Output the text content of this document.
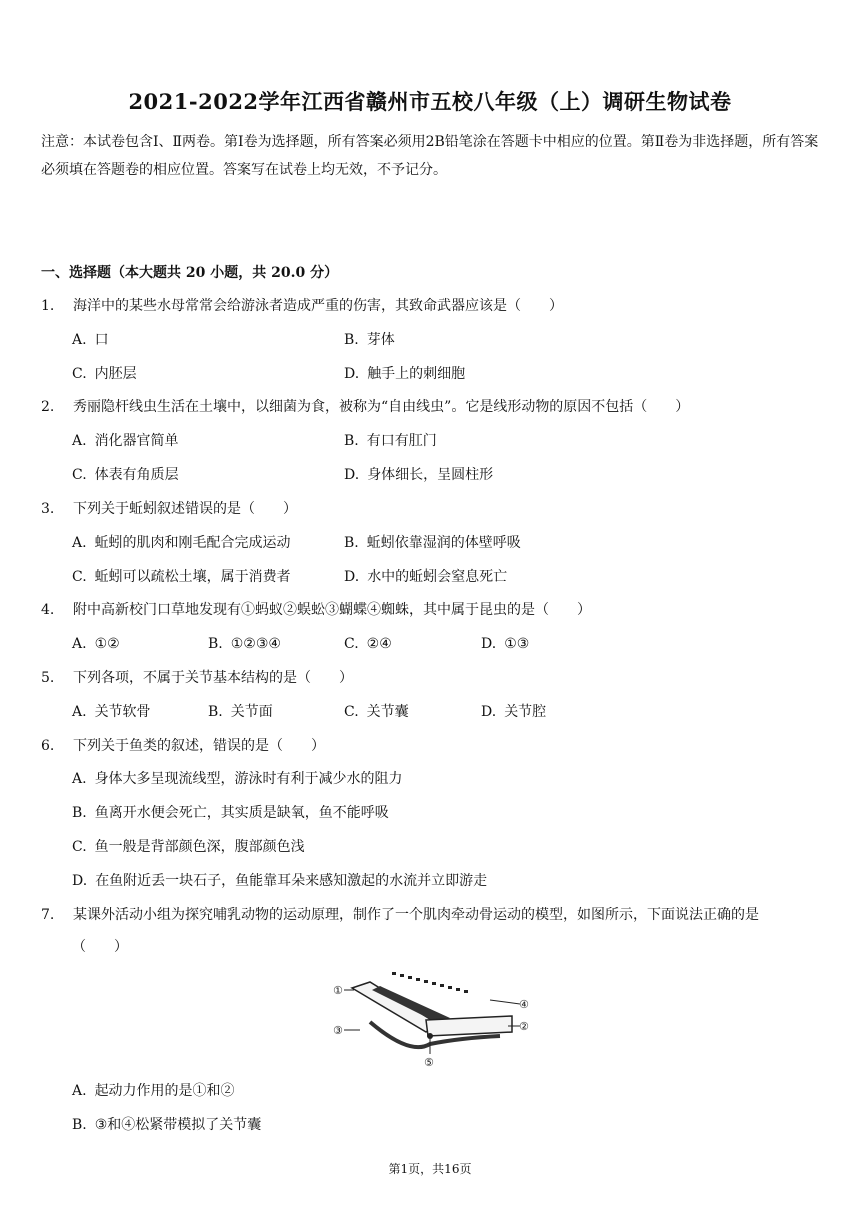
2021-2022学年江西省赣州市五校八年级（上）调研生物试卷
注意：本试卷包含Ⅰ、Ⅱ两卷。第Ⅰ卷为选择题，所有答案必须用2B铅笔涂在答题卡中相应的位置。第Ⅱ卷为非选择题，所有答案必须填在答题卷的相应位置。答案写在试卷上均无效，不予记分。
一、选择题（本大题共 20 小题，共 20.0 分）
1. 海洋中的某些水母常常会给游泳者造成严重的伤害，其致命武器应该是（　　）
A. 口	B. 芽体
C. 内胚层	D. 触手上的刺细胞
2. 秀丽隐杆线虫生活在土壤中，以细菌为食，被称为“自由线虫”。它是线形动物的原因不包括（　　）
A. 消化器官简单	B. 有口有肛门
C. 体表有角质层	D. 身体细长，呈圆柱形
3. 下列关于蚯蚓叙述错误的是（　　）
A. 蚯蚓的肌肉和刚毛配合完成运动	B. 蚯蚓依靠湿润的体壁呼吸
C. 蚯蚓可以疏松土壤，属于消费者	D. 水中的蚯蚓会窒息死亡
4. 附中高新校门口草地发现有①蚂蚁②蜈蚣③蝴蝶④蜘蛛，其中属于昆虫的是（　　）
A. ①②	B. ①②③④	C. ②④	D. ①③
5. 下列各项，不属于关节基本结构的是（　　）
A. 关节软骨	B. 关节面	C. 关节囊	D. 关节腔
6. 下列关于鱼类的叙述，错误的是（　　）
A. 身体大多呈现流线型，游泳时有利于减少水的阻力
B. 鱼离开水便会死亡，其实质是缺氧，鱼不能呼吸
C. 鱼一般是背部颜色深，腹部颜色浅
D. 在鱼附近丢一块石子，鱼能靠耳朵来感知激起的水流并立即游走
7. 某课外活动小组为探究哺乳动物的运动原理，制作了一个肌肉牵动骨运动的模型，如图所示，下面说法正确的是
（　　）
①
④
②
③
⑤
A. 起动力作用的是①和②
B. ③和④松紧带模拟了关节囊
第1页，共16页
